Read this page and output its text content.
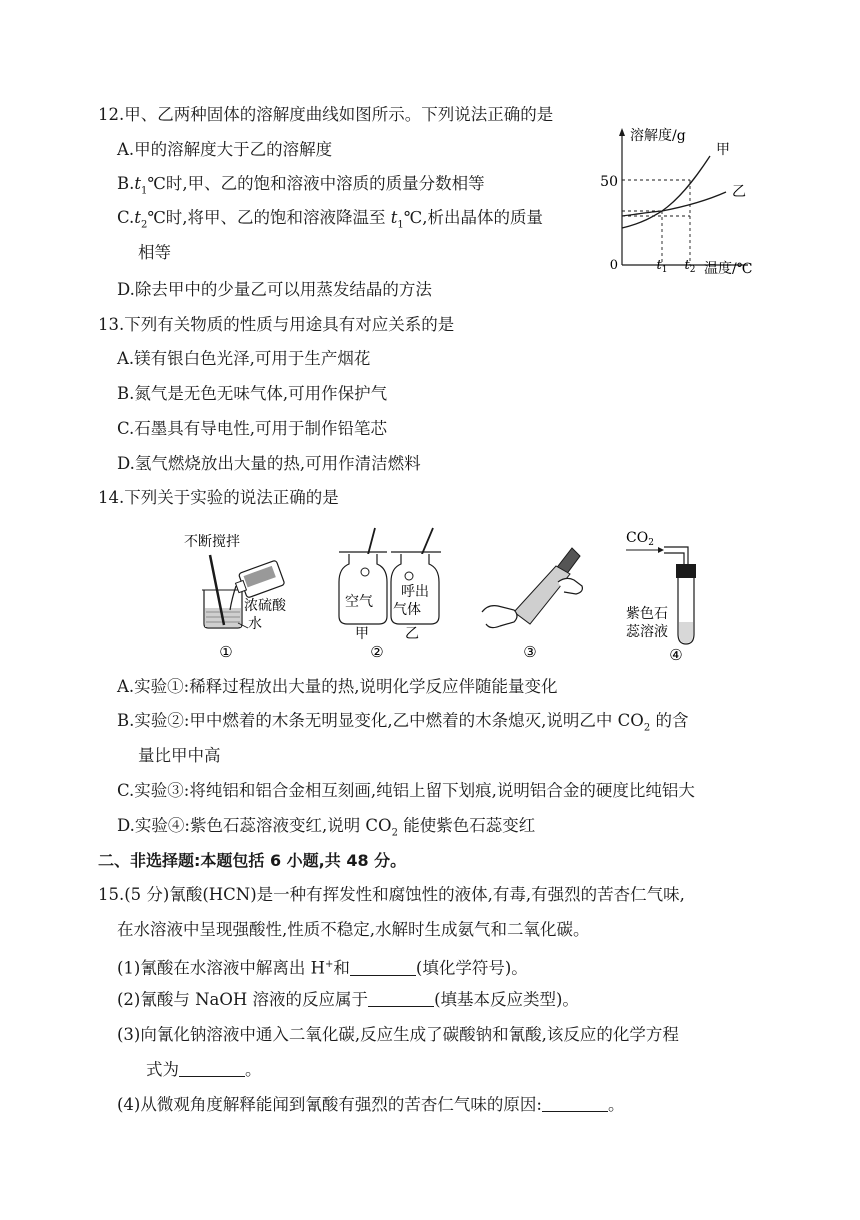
12.甲、乙两种固体的溶解度曲线如图所示。下列说法正确的是
A.甲的溶解度大于乙的溶解度
$B.t_1℃$时,甲、乙的饱和溶液中溶质的质量分数相等
$C.t_2℃$时,将甲、乙的饱和溶液降温至 $t_1℃$,析出晶体的质量
相等
D.除去甲中的少量乙可以用蒸发结晶的方法
溶解度/g
温度/℃
0
50
$t_1$ $t_2$
甲
乙
13.下列有关物质的性质与用途具有对应关系的是
A.镁有银白色光泽,可用于生产烟花
B.氮气是无色无味气体,可用作保护气
C.石墨具有导电性,可用于制作铅笔芯
D.氢气燃烧放出大量的热,可用作清洁燃料
14.下列关于实验的说法正确的是
不断搅拌
浓硫酸
水
①
空气
呼出
气体
甲	乙
②	③
$CO_2$
紫色石
蕊溶液
④
A.实验①:稀释过程放出大量的热,说明化学反应伴随能量变化
B.实验②:甲中燃着的木条无明显变化,乙中燃着的木条熄灭,说明乙中 $CO_2$ 的含
量比甲中高
C.实验③:将纯铝和铝合金相互刻画,纯铝上留下划痕,说明铝合金的硬度比纯铝大
D.实验④:紫色石蕊溶液变红,说明 $CO_2$ 能使紫色石蕊变红
二、非选择题:本题包括 6 小题,共 48 分。
15.(5 分)氰酸(HCN)是一种有挥发性和腐蚀性的液体,有毒,有强烈的苦杏仁气味,
在水溶液中呈现强酸性,性质不稳定,水解时生成氨气和二氧化碳。
(1)氰酸在水溶液中解离出 H+和	(填化学符号)。
(2)氰酸与 NaOH 溶液的反应属于	(填基本反应类型)。
(3)向氰化钠溶液中通入二氧化碳,反应生成了碳酸钠和氰酸,该反应的化学方程
式为	。
(4)从微观角度解释能闻到氰酸有强烈的苦杏仁气味的原因:	。
